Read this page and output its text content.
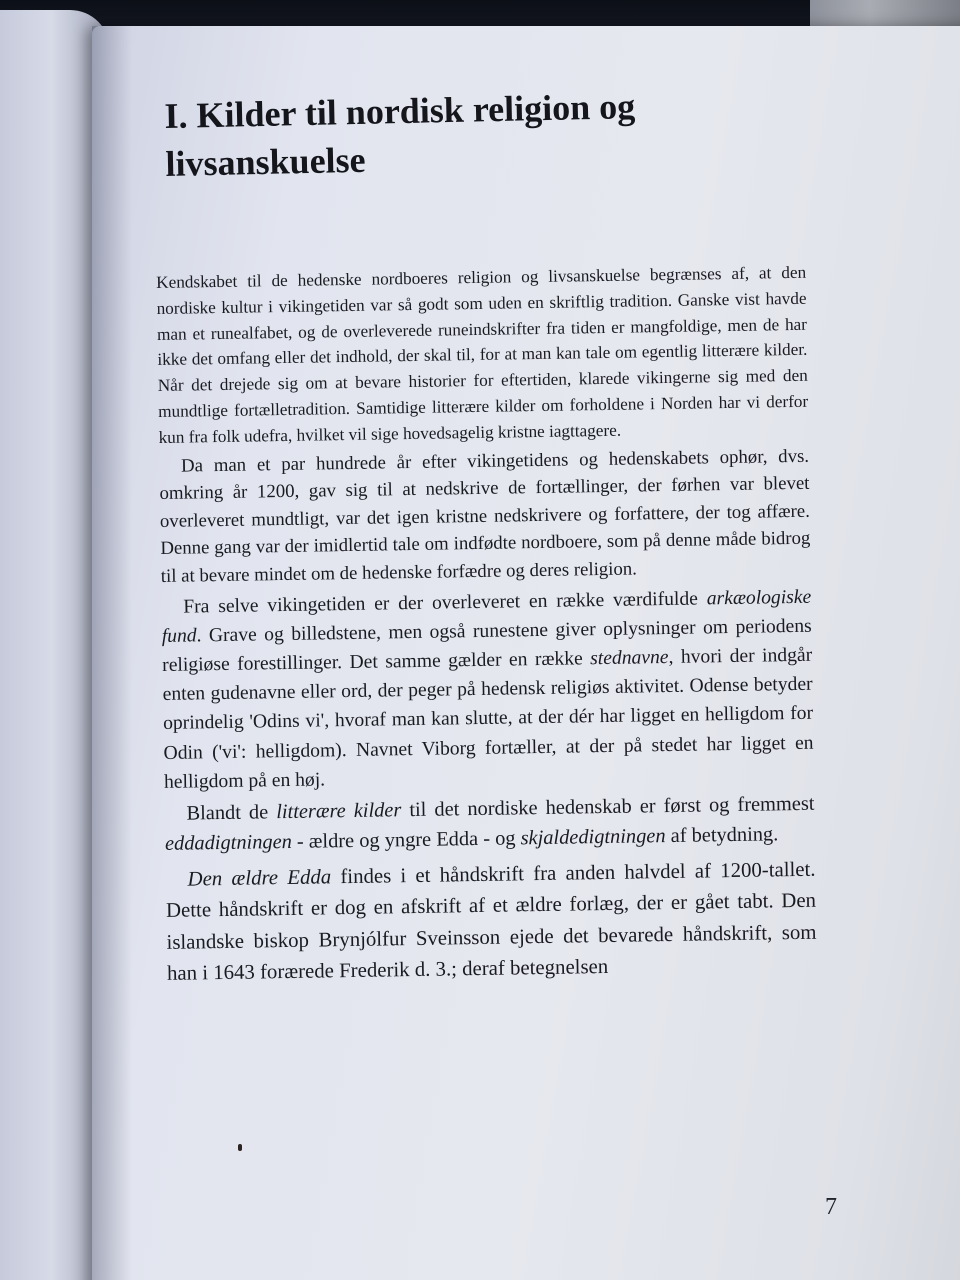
I. Kilder til nordisk religion og livsanskuelse

Kendskabet til de hedenske nordboeres religion og livsanskuelse begrænses af, at den nordiske kultur i vikingetiden var så godt som uden en skriftlig tradition. Ganske vist havde man et runealfabet, og de overleverede runeindskrifter fra tiden er mangfoldige, men de har ikke det omfang eller det indhold, der skal til, for at man kan tale om egentlig litterære kilder. Når det drejede sig om at bevare historier for eftertiden, klarede vikingerne sig med den mundtlige fortælletradition. Samtidige litterære kilder om forholdene i Norden har vi derfor kun fra folk udefra, hvilket vil sige hovedsagelig kristne iagttagere.

Da man et par hundrede år efter vikingetidens og hedenskabets ophør, dvs. omkring år 1200, gav sig til at nedskrive de fortællinger, der førhen var blevet overleveret mundtligt, var det igen kristne nedskrivere og forfattere, der tog affære. Denne gang var der imidlertid tale om indfødte nordboere, som på denne måde bidrog til at bevare mindet om de hedenske forfædre og deres religion.

Fra selve vikingetiden er der overleveret en række værdifulde arkæologiske fund. Grave og billedstene, men også runestene giver oplysninger om periodens religiøse forestillinger. Det samme gælder en række stednavne, hvori der indgår enten gudenavne eller ord, der peger på hedensk religiøs aktivitet. Odense betyder oprindelig 'Odins vi', hvoraf man kan slutte, at der dér har ligget en helligdom for Odin ('vi': helligdom). Navnet Viborg fortæller, at der på stedet har ligget en helligdom på en høj.

Blandt de litterære kilder til det nordiske hedenskab er først og fremmest eddadigtningen - ældre og yngre Edda - og skjaldedigtningen af betydning.

Den ældre Edda findes i et håndskrift fra anden halvdel af 1200-tallet. Dette håndskrift er dog en afskrift af et ældre forlæg, der er gået tabt. Den islandske biskop Brynjólfur Sveinsson ejede det bevarede håndskrift, som han i 1643 forærede Frederik d. 3.; deraf betegnelsen

7
